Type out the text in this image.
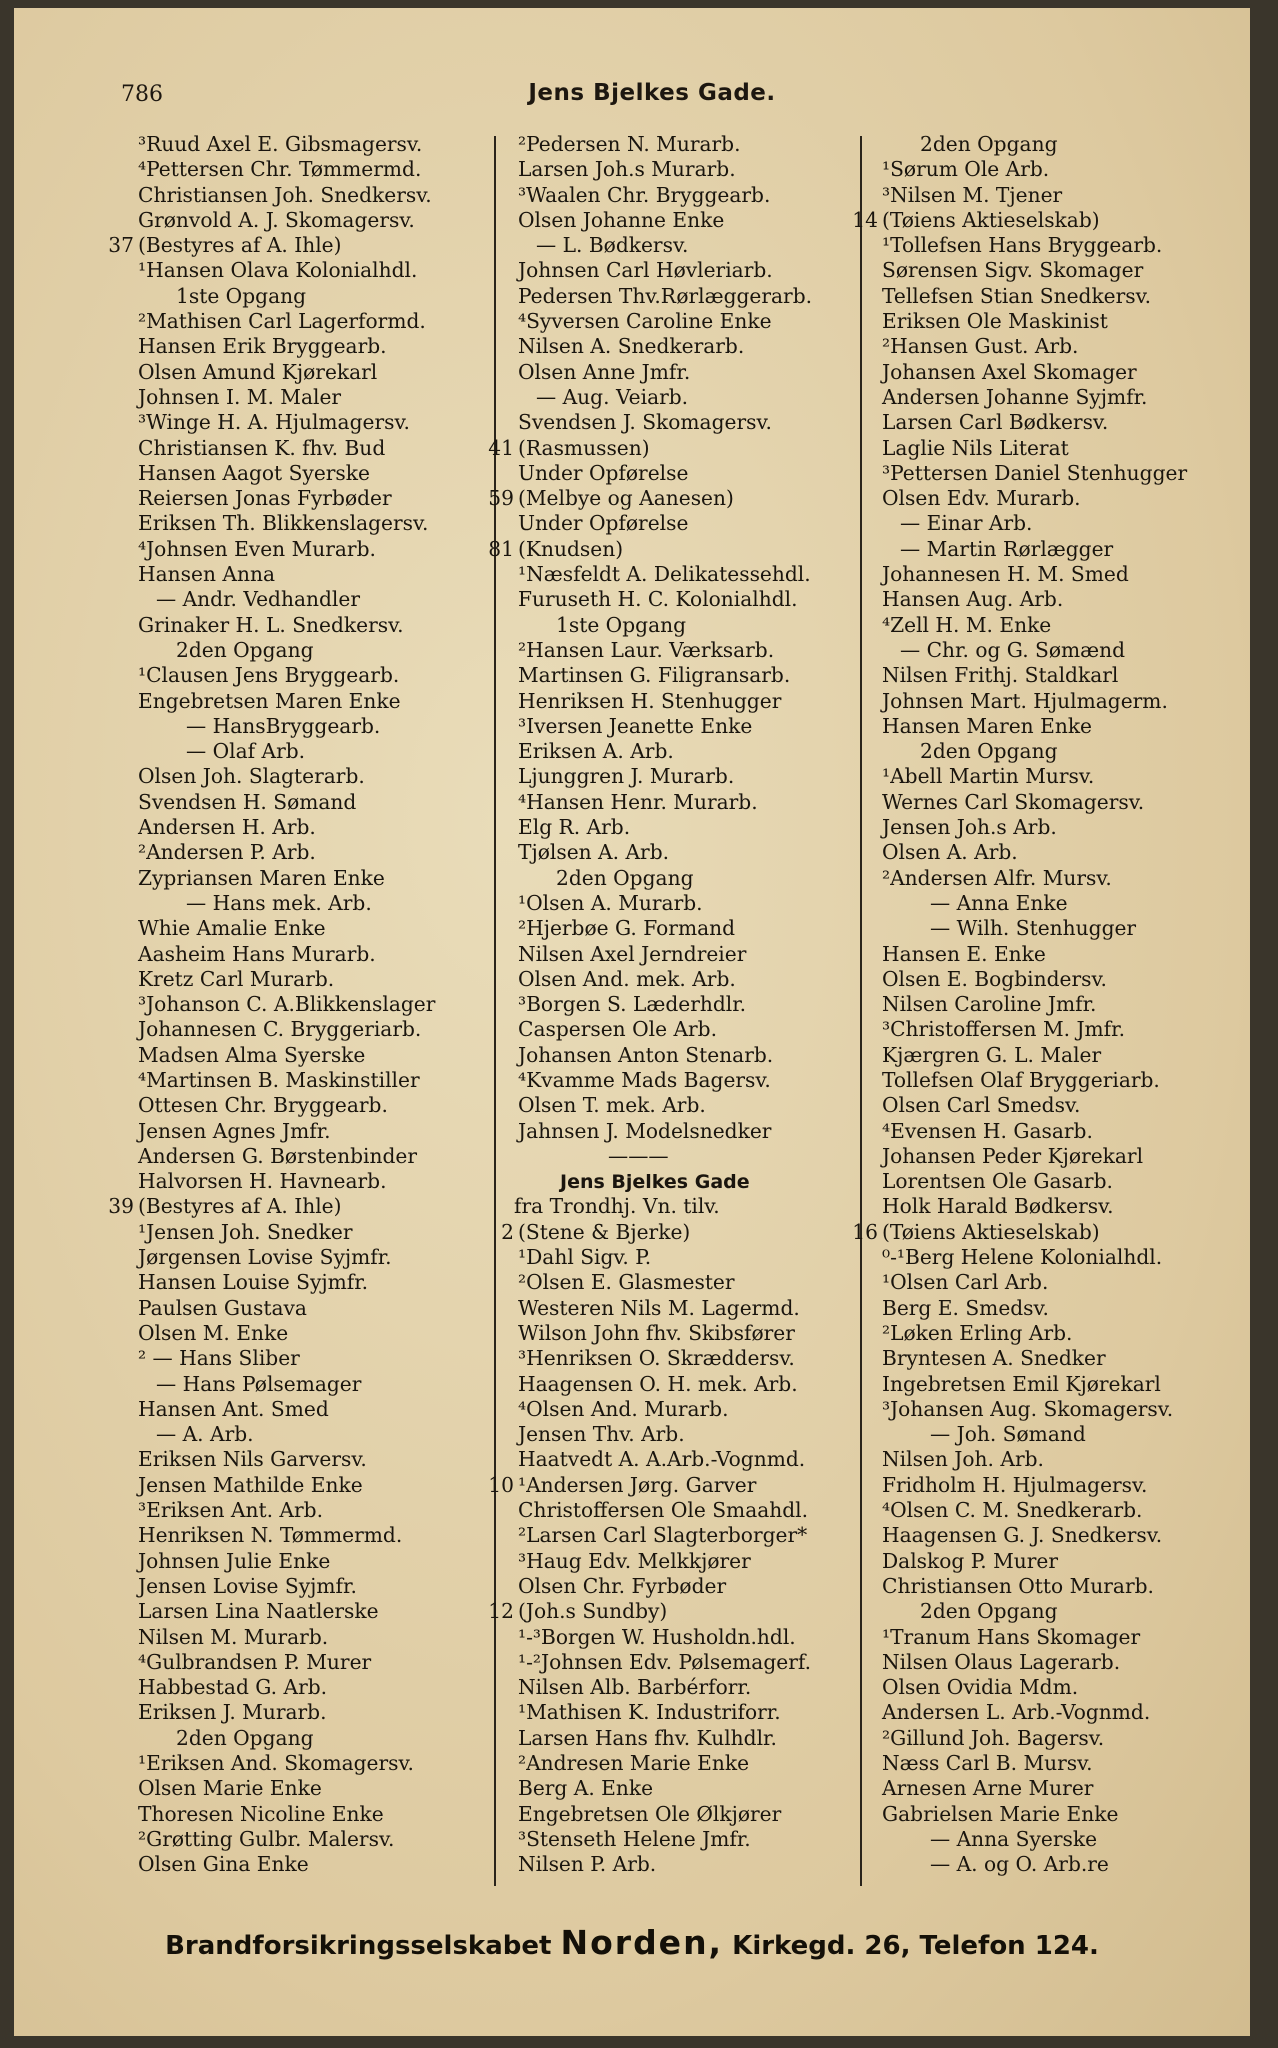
786	Jens Bjelkes Gade.
³Ruud Axel E. Gibsmagersv.
⁴Pettersen Chr. Tømmermd.
Christiansen Joh. Snedkersv.
Grønvold A. J. Skomagersv.
37 (Bestyres af A. Ihle)
¹Hansen Olava Kolonialhdl.
1ste Opgang
²Mathisen Carl Lagerformd.
Hansen Erik Bryggearb.
Olsen Amund Kjørekarl
Johnsen I. M. Maler
³Winge H. A. Hjulmagersv.
Christiansen K. fhv. Bud
Hansen Aagot Syerske
Reiersen Jonas Fyrbøder
Eriksen Th. Blikkenslagersv.
⁴Johnsen Even Murarb.
Hansen Anna
— Andr. Vedhandler
Grinaker H. L. Snedkersv.
2den Opgang
¹Clausen Jens Bryggearb.
Engebretsen Maren Enke
— HansBryggearb.
— Olaf Arb.
Olsen Joh. Slagterarb.
Svendsen H. Sømand
Andersen H. Arb.
²Andersen P. Arb.
Zypriansen Maren Enke
— Hans mek. Arb.
Whie Amalie Enke
Aasheim Hans Murarb.
Kretz Carl Murarb.
³Johanson C. A.Blikkenslager
Johannesen C. Bryggeriarb.
Madsen Alma Syerske
⁴Martinsen B. Maskinstiller
Ottesen Chr. Bryggearb.
Jensen Agnes Jmfr.
Andersen G. Børstenbinder
Halvorsen H. Havnearb.
39 (Bestyres af A. Ihle)
¹Jensen Joh. Snedker
Jørgensen Lovise Syjmfr.
Hansen Louise Syjmfr.
Paulsen Gustava
Olsen M. Enke
² — Hans Sliber
— Hans Pølsemager
Hansen Ant. Smed
— A. Arb.
Eriksen Nils Garversv.
Jensen Mathilde Enke
³Eriksen Ant. Arb.
Henriksen N. Tømmermd.
Johnsen Julie Enke
Jensen Lovise Syjmfr.
Larsen Lina Naatlerske
Nilsen M. Murarb.
⁴Gulbrandsen P. Murer
Habbestad G. Arb.
Eriksen J. Murarb.
2den Opgang
¹Eriksen And. Skomagersv.
Olsen Marie Enke
Thoresen Nicoline Enke
²Grøtting Gulbr. Malersv.
Olsen Gina Enke
²Pedersen N. Murarb.
Larsen Joh.s Murarb.
³Waalen Chr. Bryggearb.
Olsen Johanne Enke
— L. Bødkersv.
Johnsen Carl Høvleriarb.
Pedersen Thv.Rørlæggerarb.
⁴Syversen Caroline Enke
Nilsen A. Snedkerarb.
Olsen Anne Jmfr.
— Aug. Veiarb.
Svendsen J. Skomagersv.
41 (Rasmussen)
Under Opførelse
59 (Melbye og Aanesen)
Under Opførelse
81 (Knudsen)
¹Næsfeldt A. Delikatessehdl.
Furuseth H. C. Kolonialhdl.
1ste Opgang
²Hansen Laur. Værksarb.
Martinsen G. Filigransarb.
Henriksen H. Stenhugger
³Iversen Jeanette Enke
Eriksen A. Arb.
Ljunggren J. Murarb.
⁴Hansen Henr. Murarb.
Elg R. Arb.
Tjølsen A. Arb.
2den Opgang
¹Olsen A. Murarb.
²Hjerbøe G. Formand
Nilsen Axel Jerndreier
Olsen And. mek. Arb.
³Borgen S. Læderhdlr.
Caspersen Ole Arb.
Johansen Anton Stenarb.
⁴Kvamme Mads Bagersv.
Olsen T. mek. Arb.
Jahnsen J. Modelsnedker
———
Jens Bjelkes Gade
fra Trondhj. Vn. tilv.
2 (Stene & Bjerke)
¹Dahl Sigv. P.
²Olsen E. Glasmester
Westeren Nils M. Lagermd.
Wilson John fhv. Skibsfører
³Henriksen O. Skræddersv.
Haagensen O. H. mek. Arb.
⁴Olsen And. Murarb.
Jensen Thv. Arb.
Haatvedt A. A.Arb.-Vognmd.
10 ¹Andersen Jørg. Garver
Christoffersen Ole Smaahdl.
²Larsen Carl Slagterborger*
³Haug Edv. Melkkjører
Olsen Chr. Fyrbøder
12 (Joh.s Sundby)
¹-³Borgen W. Husholdn.hdl.
¹-²Johnsen Edv. Pølsemagerf.
Nilsen Alb. Barbérforr.
¹Mathisen K. Industriforr.
Larsen Hans fhv. Kulhdlr.
²Andresen Marie Enke
Berg A. Enke
Engebretsen Ole Ølkjører
³Stenseth Helene Jmfr.
Nilsen P. Arb.
2den Opgang
¹Sørum Ole Arb.
³Nilsen M. Tjener
14 (Tøiens Aktieselskab)
¹Tollefsen Hans Bryggearb.
Sørensen Sigv. Skomager
Tellefsen Stian Snedkersv.
Eriksen Ole Maskinist
²Hansen Gust. Arb.
Johansen Axel Skomager
Andersen Johanne Syjmfr.
Larsen Carl Bødkersv.
Laglie Nils Literat
³Pettersen Daniel Stenhugger
Olsen Edv. Murarb.
— Einar Arb.
— Martin Rørlægger
Johannesen H. M. Smed
Hansen Aug. Arb.
⁴Zell H. M. Enke
— Chr. og G. Sømænd
Nilsen Frithj. Staldkarl
Johnsen Mart. Hjulmagerm.
Hansen Maren Enke
2den Opgang
¹Abell Martin Mursv.
Wernes Carl Skomagersv.
Jensen Joh.s Arb.
Olsen A. Arb.
²Andersen Alfr. Mursv.
— Anna Enke
— Wilh. Stenhugger
Hansen E. Enke
Olsen E. Bogbindersv.
Nilsen Caroline Jmfr.
³Christoffersen M. Jmfr.
Kjærgren G. L. Maler
Tollefsen Olaf Bryggeriarb.
Olsen Carl Smedsv.
⁴Evensen H. Gasarb.
Johansen Peder Kjørekarl
Lorentsen Ole Gasarb.
Holk Harald Bødkersv.
16 (Tøiens Aktieselskab)
⁰-¹Berg Helene Kolonialhdl.
¹Olsen Carl Arb.
Berg E. Smedsv.
²Løken Erling Arb.
Bryntesen A. Snedker
Ingebretsen Emil Kjørekarl
³Johansen Aug. Skomagersv.
— Joh. Sømand
Nilsen Joh. Arb.
Fridholm H. Hjulmagersv.
⁴Olsen C. M. Snedkerarb.
Haagensen G. J. Snedkersv.
Dalskog P. Murer
Christiansen Otto Murarb.
2den Opgang
¹Tranum Hans Skomager
Nilsen Olaus Lagerarb.
Olsen Ovidia Mdm.
Andersen L. Arb.-Vognmd.
²Gillund Joh. Bagersv.
Næss Carl B. Mursv.
Arnesen Arne Murer
Gabrielsen Marie Enke
— Anna Syerske
— A. og O. Arb.re
Brandforsikringsselskabet Norden, Kirkegd. 26, Telefon 124.
